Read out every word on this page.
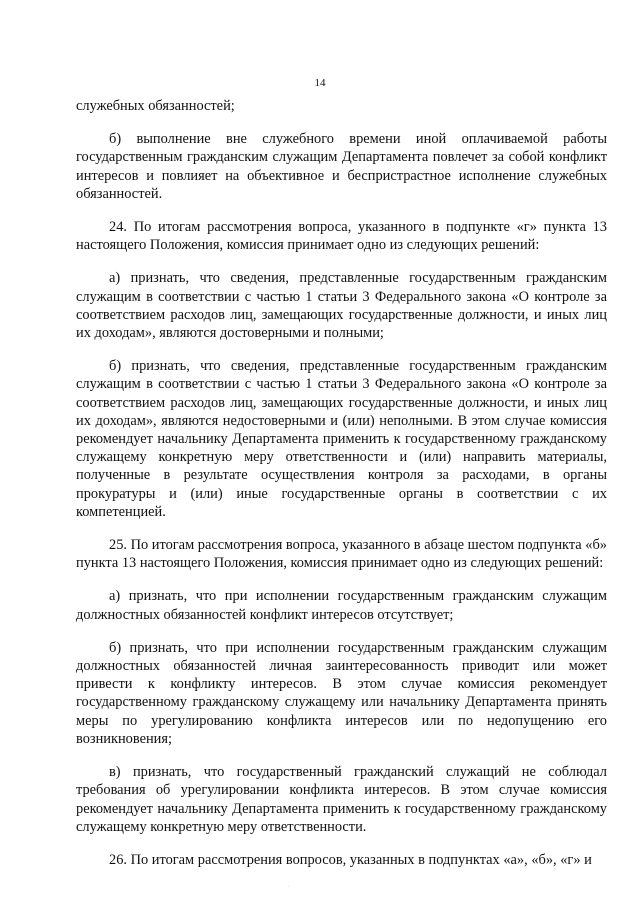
14

служебных обязанностей;

б) выполнение вне служебного времени иной оплачиваемой работы государственным гражданским служащим Департамента повлечет за собой конфликт интересов и повлияет на объективное и беспристрастное исполнение служебных обязанностей.

24. По итогам рассмотрения вопроса, указанного в подпункте «г» пункта 13 настоящего Положения, комиссия принимает одно из следующих решений:

а) признать, что сведения, представленные государственным гражданским служащим в соответствии с частью 1 статьи 3 Федерального закона «О контроле за соответствием расходов лиц, замещающих государственные должности, и иных лиц их доходам», являются достоверными и полными;

б) признать, что сведения, представленные государственным гражданским служащим в соответствии с частью 1 статьи 3 Федерального закона «О контроле за соответствием расходов лиц, замещающих государственные должности, и иных лиц их доходам», являются недостоверными и (или) неполными. В этом случае комиссия рекомендует начальнику Департамента применить к государственному гражданскому служащему конкретную меру ответственности и (или) направить материалы, полученные в результате осуществления контроля за расходами, в органы прокуратуры и (или) иные государственные органы в соответствии с их компетенцией.

25. По итогам рассмотрения вопроса, указанного в абзаце шестом подпункта «б» пункта 13 настоящего Положения, комиссия принимает одно из следующих решений:

а) признать, что при исполнении государственным гражданским служащим должностных обязанностей конфликт интересов отсутствует;

б) признать, что при исполнении государственным гражданским служащим должностных обязанностей личная заинтересованность приводит или может привести к конфликту интересов. В этом случае комиссия рекомендует государственному гражданскому служащему или начальнику Департамента принять меры по урегулированию конфликта интересов или по недопущению его возникновения;

в) признать, что государственный гражданский служащий не соблюдал требования об урегулировании конфликта интересов. В этом случае комиссия рекомендует начальнику Департамента применить к государственному гражданскому служащему конкретную меру ответственности.

26. По итогам рассмотрения вопросов, указанных в подпунктах «а», «б», «г» и

·
